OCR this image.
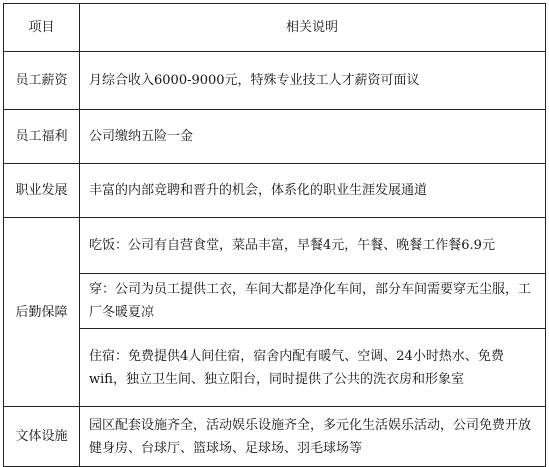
项目	相关说明
员工薪资	月综合收入6000-9000元，特殊专业技工人才薪资可面议
员工福利	公司缴纳五险一金
职业发展	丰富的内部竞聘和晋升的机会，体系化的职业生涯发展通道
后勤保障	吃饭：公司有自营食堂，菜品丰富，早餐4元，午餐、晚餐工作餐6.9元
	穿：公司为员工提供工衣，车间大都是净化车间，部分车间需要穿无尘服，工厂冬暖夏凉
	住宿：免费提供4人间住宿，宿舍内配有暖气、空调、24小时热水、免费wifi，独立卫生间、独立阳台，同时提供了公共的洗衣房和形象室
文体设施	园区配套设施齐全，活动娱乐设施齐全，多元化生活娱乐活动，公司免费开放健身房、台球厅、篮球场、足球场、羽毛球场等
